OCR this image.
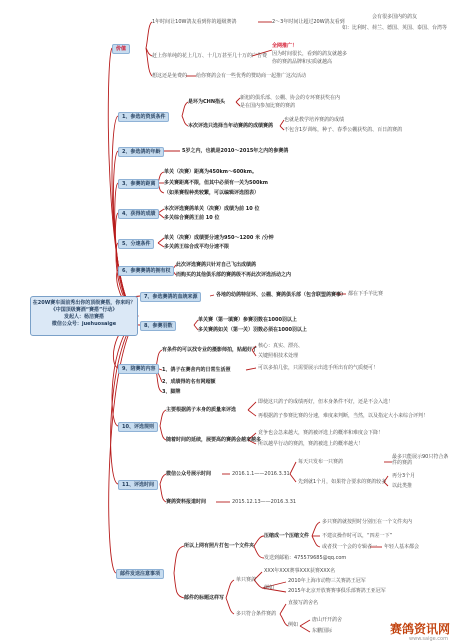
在20W赛车面前秀出你的顶级赛搭，你来吗？
《中国顶级赛酒“赛搭”行动》
发起人：杨洁赛搭
微信公众号：juehuosaige
价值
1年时间让10W鸽友看到你的超级赛鸽	2～3年时间让超过20W鸽友看到
会有很多国内的鸽友
如：比利时、荷兰、德国、英国、泰国、台湾等
赶上你单纯的花上几万、十几万甚至几十万的广告费
全网推广！
因为时间很长，看到的鸽友就越多
你的赛鸽品牌和实质就越高
想这还是免费的 给你赛鸽会有一些优秀的赞助商一起推广这次活动
1、参选的资质条件
是环为CHN指头
新旭的俱乐部、公棚、协会的专环赛获奖在内
是在国内参加比赛的赛鸽
本次评选只选择当年动赛鸽的成绩赛鸽
也就是教学培养赛鸽的成绩
不包含1岁训练，种子、春季公棚获奖鸽、百日鸽赛鸽
2、参选鸽的年龄	5岁之内，也就是2010～2015年之内的参赛鸽
3、参赛的距离
单关（决赛）距离为450km～600km。
多关赛距离不限，但其中必须有一关为500km
（如果赛程种类较繁，可以编辑评选图表）
4、获得的成绩
本次评选赛鸽单关（决赛）成绩为前 10 位
多关综合赛鸽王前 10 位
5、分速条件
单关（决赛）成绩要分速为950～1200 米 /分钟
多关鸽王综合成平均分速不限
6、参赛赛鸽的拥有权
此次评选赛鸽只针对自己飞出成绩鸽
而购买的其他俱乐部的赛鸽级不再此次评选活动之内
7、参选赛鸽的血统来源	各地的幼鸽特征环、公棚、赛鸽俱乐部（包含联盟鸽赛事） 都在下手羊比赛
8、参赛羽数
单关赛（第一填赛）参赛羽数在1000羽以上
多关赛鸽如关（第一关）羽数必须在1000羽以上
9、陪赛的内容
有条件的可以找专业的摄影师拍，贴超好了
核心：真实、漂亮、
关键照相技术处理
1、鸽子在赛舍内的日常生活照	可以多拍几张，只需要展示出选手所出有的气质便可！
2、成绩得的名有网超额
3、脚牌
10、评选规则
主要根据鸽子本身的质量来评选
即使这只鸽子的成绩再好，但本身条件不好，还是不会入选！
再根据鸽子参赛比赛的分速，难度来判断，当然，以及指定大小来综合评判！
随着时间的延续，展要高的赛鸽会越来越多
竞争也会急来越大，赛鸽被评选上的概率和难度会下降！
所以越早行动的赛鸽，赛鸽被选上的概率越大！
11、评选时间
微信公众号展示时间	2016.1.1——2016.3.31
每天只发布一只赛鸽
最多只能展示90只符合条件的赛鸽
先到就1个月，如果符合要求的赛鸽较多
再分3个月
以此类推
赛鸽资料报道时间	2015.12.13——2016.3.31
邮件发送注意事项
所以上网有照片打包一个文件夹
压缩成一个压缩文件
多只赛鸽就按照时分别压在一个文件夹内
不建议操作时可以，“四差一下”
或者找一个会的专辑者一 年轻人基本都会
发送到邮箱：475579685@qq.com
邮件的标题这样写
单只赛鸽
例如
XXX年XXX赛事XXX获赛XXX名
2010年上海市动物三关赛鸽王冠军
2015年北京开放赛赛事俱乐部赛鸽王亚冠军
多只符合条件赛鸽
直接写鸽舍名
例如
唐山开开鸽舍
东鹏国际	赛鸽资讯网
www.saige.com
